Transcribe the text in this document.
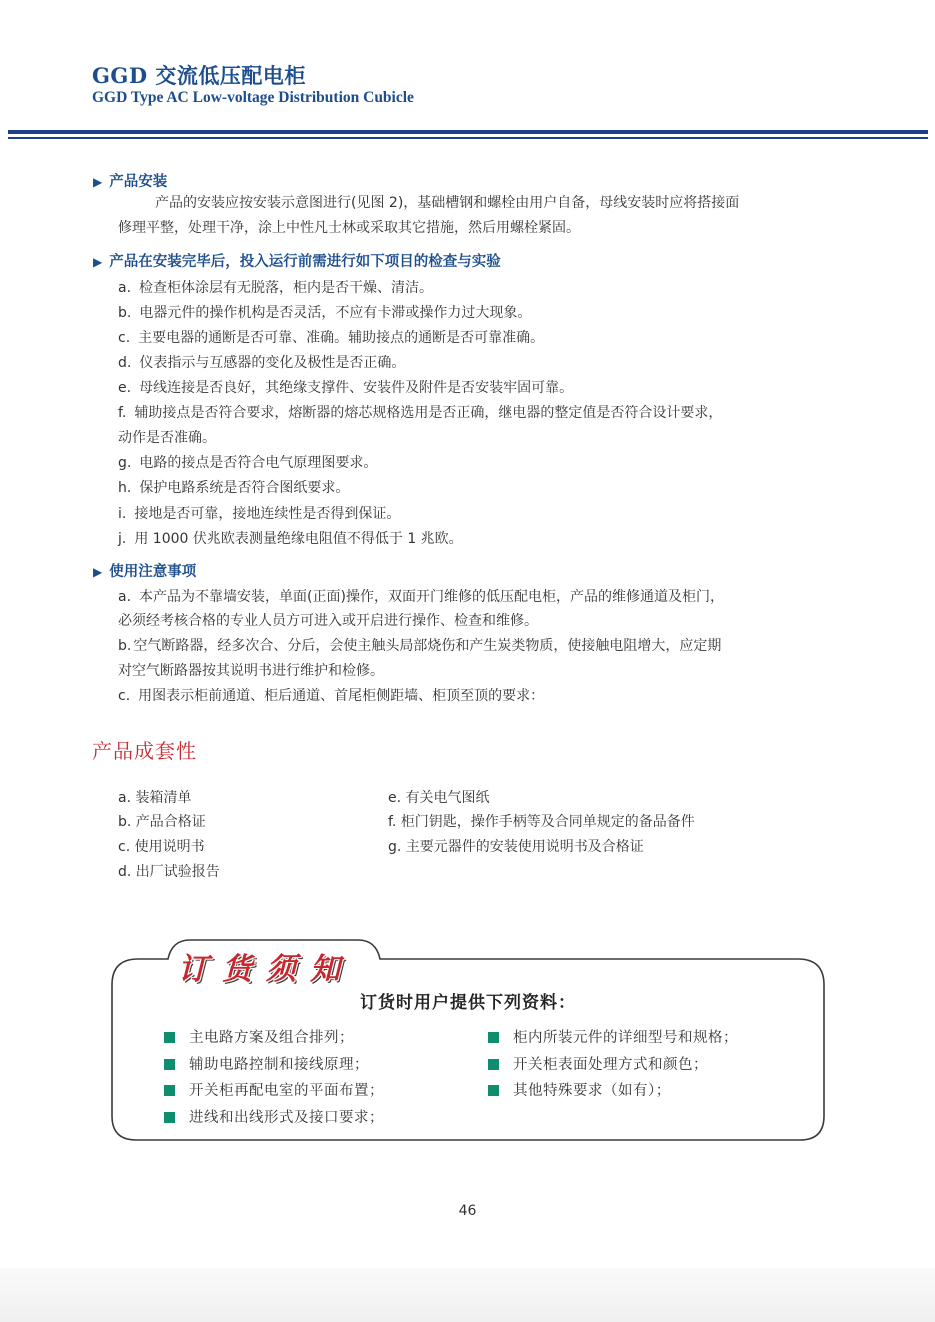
GGD 交流低压配电柜
GGD Type AC Low-voltage Distribution Cubicle
▶ 产品安装
产品的安装应按安装示意图进行(见图 2)，基础槽钢和螺栓由用户自备，母线安装时应将搭接面
修理平整，处理干净，涂上中性凡士林或采取其它措施，然后用螺栓紧固。
▶ 产品在安装完毕后，投入运行前需进行如下项目的检查与实验
a. 检查柜体涂层有无脱落，柜内是否干燥、清洁。
b. 电器元件的操作机构是否灵活，不应有卡滞或操作力过大现象。
c. 主要电器的通断是否可靠、准确。辅助接点的通断是否可靠准确。
d. 仪表指示与互感器的变化及极性是否正确。
e. 母线连接是否良好，其绝缘支撑件、安装件及附件是否安装牢固可靠。
f. 辅助接点是否符合要求，熔断器的熔芯规格选用是否正确，继电器的整定值是否符合设计要求，
动作是否准确。
g. 电路的接点是否符合电气原理图要求。
h. 保护电路系统是否符合图纸要求。
i. 接地是否可靠，接地连续性是否得到保证。
j. 用 1000 伏兆欧表测量绝缘电阻值不得低于 1 兆欧。
▶ 使用注意事项
a. 本产品为不靠墙安装，单面(正面)操作，双面开门维修的低压配电柜，产品的维修通道及柜门，
必须经考核合格的专业人员方可进入或开启进行操作、检查和维修。
b. 空气断路器，经多次合、分后，会使主触头局部烧伤和产生炭类物质，使接触电阻增大，应定期
对空气断路器按其说明书进行维护和检修。
c. 用图表示柜前通道、柜后通道、首尾柜侧距墙、柜顶至顶的要求：
产品成套性
a. 装箱清单
b. 产品合格证
c. 使用说明书
d. 出厂试验报告
e. 有关电气图纸
f. 柜门钥匙，操作手柄等及合同单规定的备品备件
g. 主要元器件的安装使用说明书及合格证
订货须知
订货时用户提供下列资料：
主电路方案及组合排列；
辅助电路控制和接线原理；
开关柜再配电室的平面布置；
进线和出线形式及接口要求；
柜内所装元件的详细型号和规格；
开关柜表面处理方式和颜色；
其他特殊要求（如有）；
46
